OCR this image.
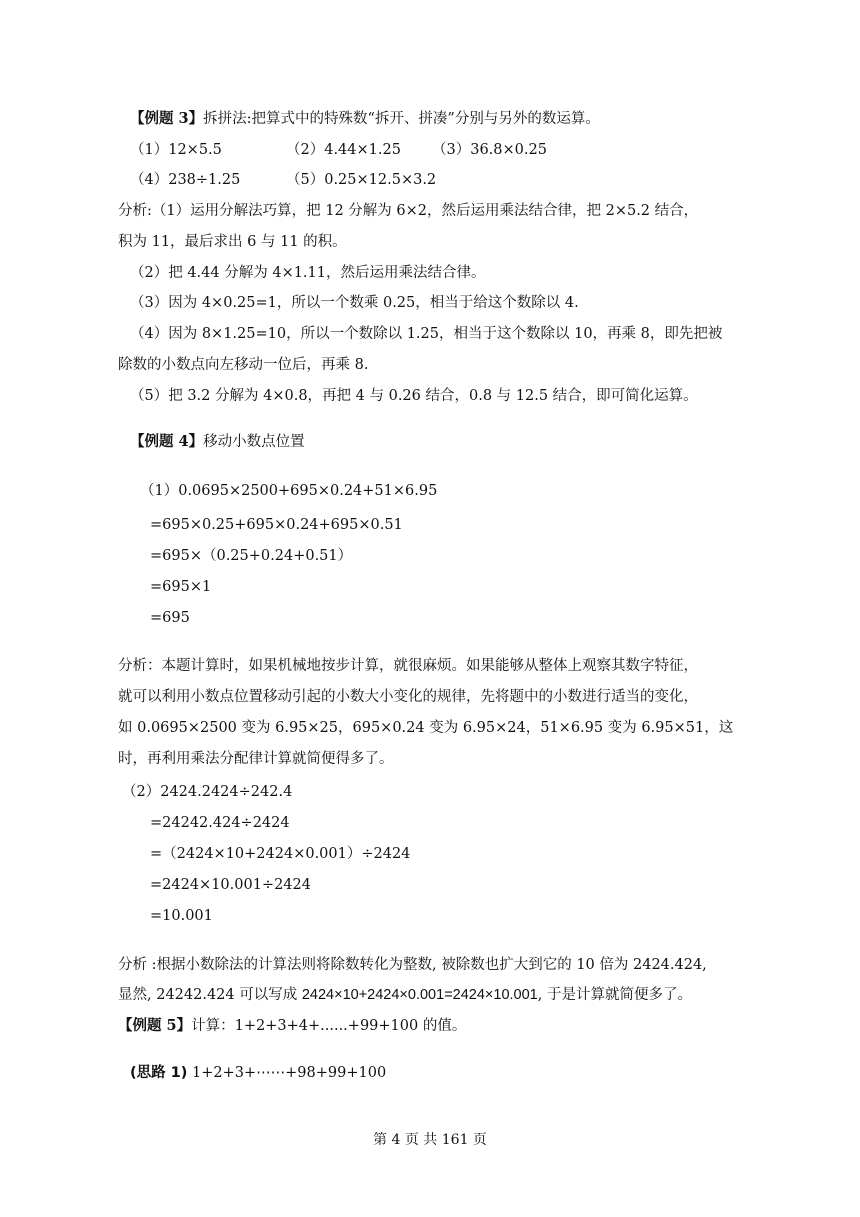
【例题 3】拆拼法:把算式中的特殊数“拆开、拼凑”分别与另外的数运算。
（1）12×5.5	（2）4.44×1.25 （3）36.8×0.25
（4）238÷1.25	（5）0.25×12.5×3.2
分析:（1）运用分解法巧算，把 12 分解为 6×2，然后运用乘法结合律，把 2×5.2 结合，
积为 11，最后求出 6 与 11 的积。
（2）把 4.44 分解为 4×1.11，然后运用乘法结合律。
（3）因为 4×0.25=1，所以一个数乘 0.25，相当于给这个数除以 4.
（4）因为 8×1.25=10，所以一个数除以 1.25，相当于这个数除以 10，再乘 8，即先把被
除数的小数点向左移动一位后，再乘 8.
（5）把 3.2 分解为 4×0.8，再把 4 与 0.26 结合，0.8 与 12.5 结合，即可简化运算。
【例题 4】移动小数点位置
（1）0.0695×2500+695×0.24+51×6.95
=695×0.25+695×0.24+695×0.51
=695×（0.25+0.24+0.51）
=695×1
=695
分析：本题计算时，如果机械地按步计算，就很麻烦。如果能够从整体上观察其数字特征，
就可以利用小数点位置移动引起的小数大小变化的规律，先将题中的小数进行适当的变化，
如 0.0695×2500 变为 6.95×25，695×0.24 变为 6.95×24，51×6.95 变为 6.95×51，这
时，再利用乘法分配律计算就简便得多了。
（2）2424.2424÷242.4
=24242.424÷2424
=（2424×10+2424×0.001）÷2424
=2424×10.001÷2424
=10.001
分析 :根据小数除法的计算法则将除数转化为整数, 被除数也扩大到它的 10 倍为 2424.424,
显然, 24242.424 可以写成 2424×10+2424×0.001=2424×10.001, 于是计算就简便多了。
【例题 5】计算：1+2+3+4+......+99+100 的值。
(思路 1) 1+2+3+⋯⋯+98+99+100
第 4 页 共 161 页
